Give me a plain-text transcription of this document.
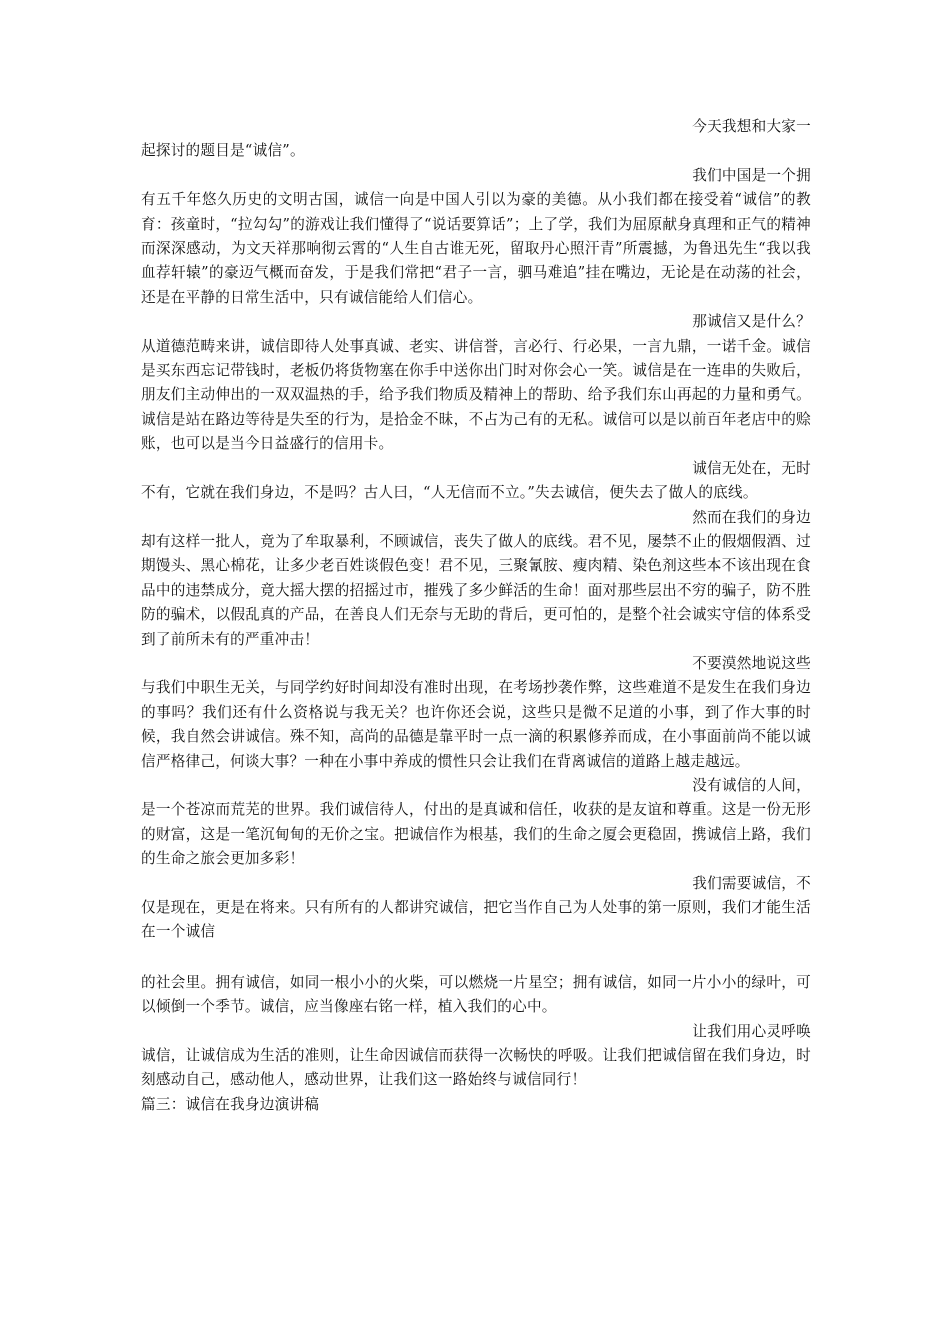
今天我想和大家一
起探讨的题目是“诚信”。
我们中国是一个拥
有五千年悠久历史的文明古国，诚信一向是中国人引以为豪的美德。从小我们都在接受着“诚信”的教育：孩童时，“拉勾勾”的游戏让我们懂得了“说话要算话”；上了学，我们为屈原献身真理和正气的精神而深深感动，为文天祥那响彻云霄的“人生自古谁无死，留取丹心照汗青”所震撼，为鲁迅先生“我以我血荐轩辕”的豪迈气概而奋发，于是我们常把“君子一言，驷马难追”挂在嘴边，无论是在动荡的社会，还是在平静的日常生活中，只有诚信能给人们信心。
那诚信又是什么？
从道德范畴来讲，诚信即待人处事真诚、老实、讲信誉，言必行、行必果，一言九鼎，一诺千金。诚信是买东西忘记带钱时，老板仍将货物塞在你手中送你出门时对你会心一笑。诚信是在一连串的失败后，朋友们主动伸出的一双双温热的手，给予我们物质及精神上的帮助、给予我们东山再起的力量和勇气。诚信是站在路边等待是失至的行为，是拾金不昧，不占为己有的无私。诚信可以是以前百年老店中的赊账，也可以是当今日益盛行的信用卡。
诚信无处在，无时
不有，它就在我们身边，不是吗？古人曰，“人无信而不立。”失去诚信，便失去了做人的底线。
然而在我们的身边
却有这样一批人，竟为了牟取暴利，不顾诚信，丧失了做人的底线。君不见，屡禁不止的假烟假酒、过期馒头、黑心棉花，让多少老百姓谈假色变！君不见，三聚氰胺、瘦肉精、染色剂这些本不该出现在食品中的违禁成分，竟大摇大摆的招摇过市，摧残了多少鲜活的生命！面对那些层出不穷的骗子，防不胜防的骗术，以假乱真的产品，在善良人们无奈与无助的背后，更可怕的，是整个社会诚实守信的体系受到了前所未有的严重冲击！
不要漠然地说这些
与我们中职生无关，与同学约好时间却没有准时出现，在考场抄袭作弊，这些难道不是发生在我们身边的事吗？我们还有什么资格说与我无关？也许你还会说，这些只是微不足道的小事，到了作大事的时候，我自然会讲诚信。殊不知，高尚的品德是靠平时一点一滴的积累修养而成，在小事面前尚不能以诚信严格律己，何谈大事？一种在小事中养成的惯性只会让我们在背离诚信的道路上越走越远。
没有诚信的人间，
是一个苍凉而荒芜的世界。我们诚信待人，付出的是真诚和信任，收获的是友谊和尊重。这是一份无形的财富，这是一笔沉甸甸的无价之宝。把诚信作为根基，我们的生命之厦会更稳固，携诚信上路，我们的生命之旅会更加多彩！
我们需要诚信，不
仅是现在，更是在将来。只有所有的人都讲究诚信，把它当作自己为人处事的第一原则，我们才能生活在一个诚信
的社会里。拥有诚信，如同一根小小的火柴，可以燃烧一片星空；拥有诚信，如同一片小小的绿叶，可以倾倒一个季节。诚信，应当像座右铭一样，植入我们的心中。
让我们用心灵呼唤
诚信，让诚信成为生活的准则，让生命因诚信而获得一次畅快的呼吸。让我们把诚信留在我们身边，时刻感动自己，感动他人，感动世界，让我们这一路始终与诚信同行！
篇三：诚信在我身边演讲稿
